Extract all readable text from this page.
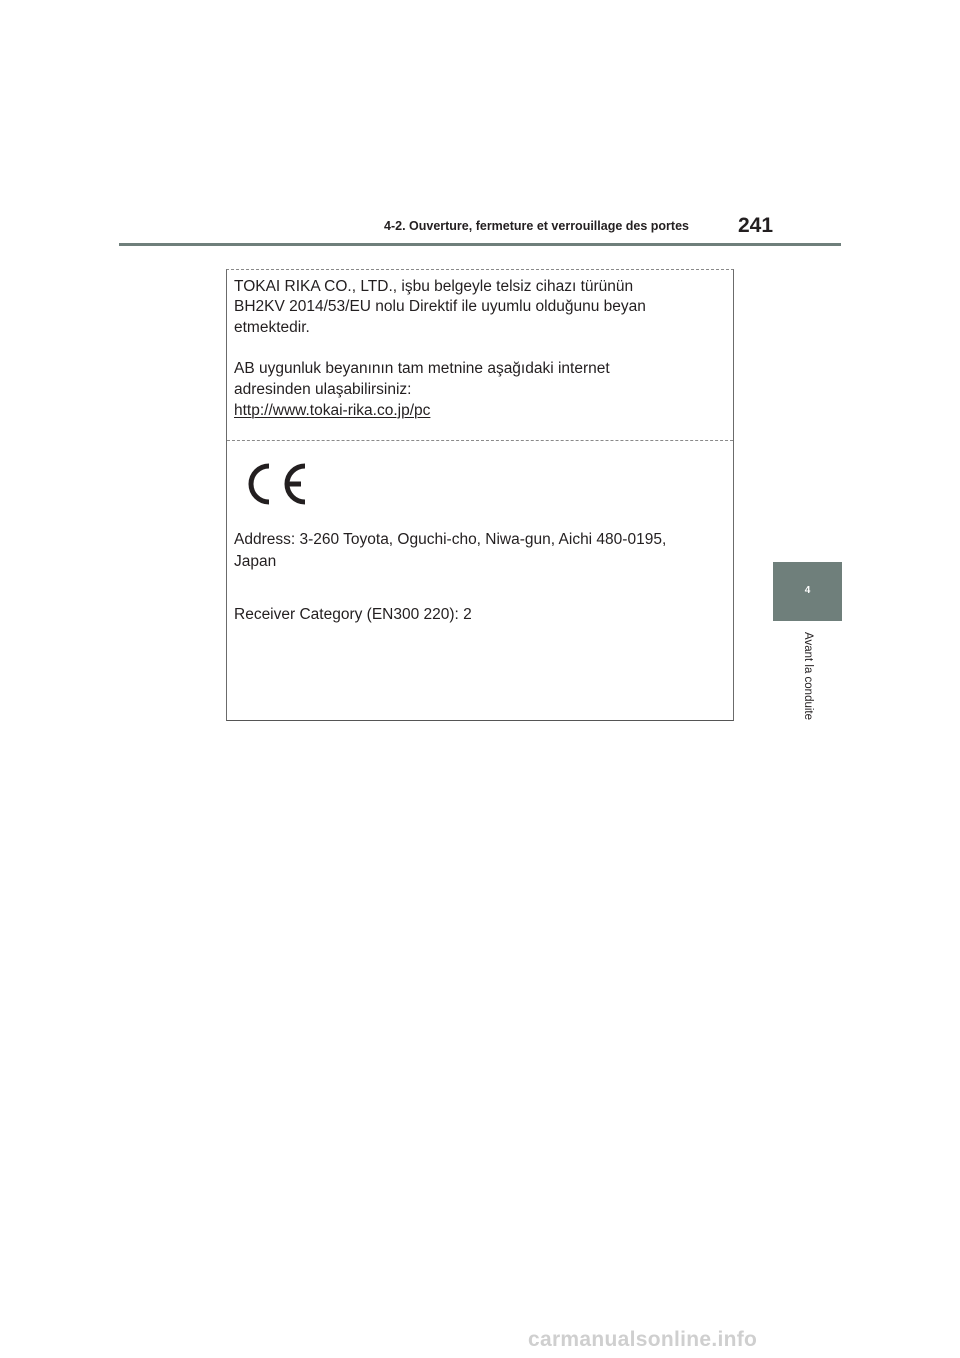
4-2. Ouverture, fermeture et verrouillage des portes 241
4
Avant la conduite
TOKAI RIKA CO., LTD., işbu belgeyle telsiz cihazı türünün
BH2KV 2014/53/EU nolu Direktif ile uyumlu olduğunu beyan
etmektedir.
AB uygunluk beyanının tam metnine aşağıdaki internet
adresinden ulaşabilirsiniz:
http://www.tokai-rika.co.jp/pc
Address: 3-260 Toyota, Oguchi-cho, Niwa-gun, Aichi 480-0195,
Japan
Receiver Category (EN300 220): 2
carmanualsonline.info
